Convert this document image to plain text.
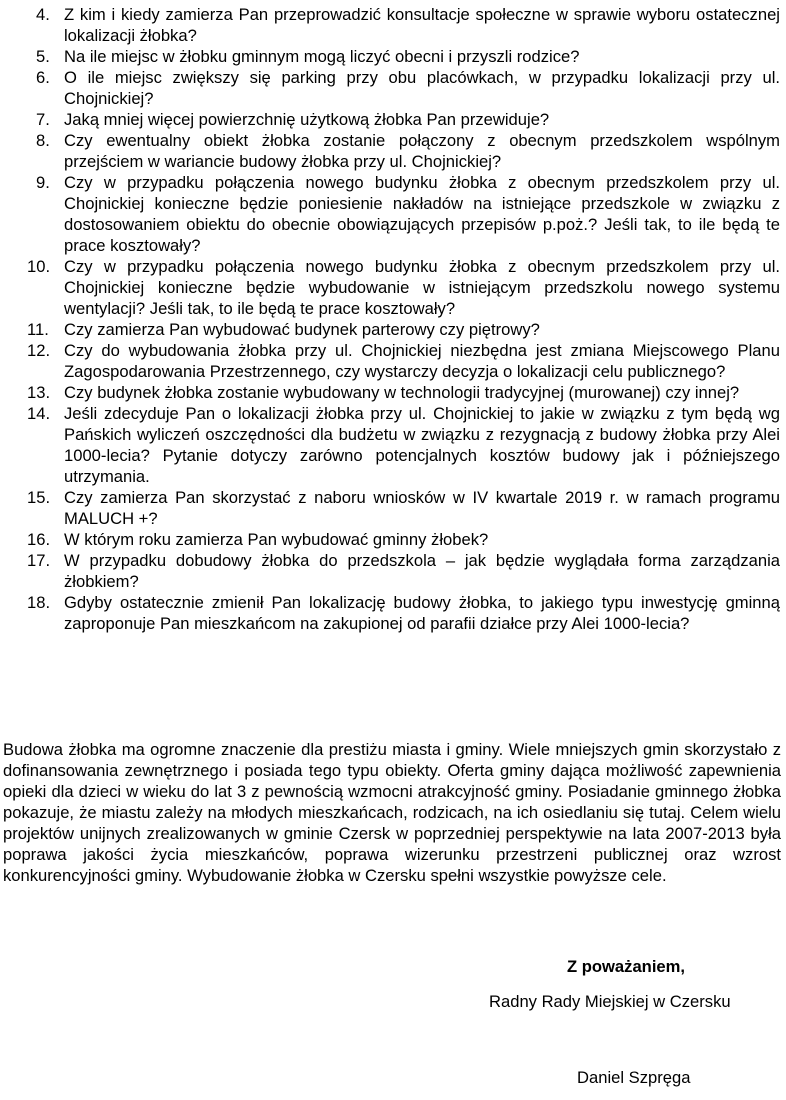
4. Z kim i kiedy zamierza Pan przeprowadzić konsultacje społeczne w sprawie wyboru ostatecznej lokalizacji żłobka?
5. Na ile miejsc w żłobku gminnym mogą liczyć obecni i przyszli rodzice?
6. O ile miejsc zwiększy się parking przy obu placówkach, w przypadku lokalizacji przy ul. Chojnickiej?
7. Jaką mniej więcej powierzchnię użytkową żłobka Pan przewiduje?
8. Czy ewentualny obiekt żłobka zostanie połączony z obecnym przedszkolem wspólnym przejściem w wariancie budowy żłobka przy ul. Chojnickiej?
9. Czy w przypadku połączenia nowego budynku żłobka z obecnym przedszkolem przy ul. Chojnickiej konieczne będzie poniesienie nakładów na istniejące przedszkole w związku z dostosowaniem obiektu do obecnie obowiązujących przepisów p.poż.? Jeśli tak, to ile będą te prace kosztowały?
10. Czy w przypadku połączenia nowego budynku żłobka z obecnym przedszkolem przy ul. Chojnickiej konieczne będzie wybudowanie w istniejącym przedszkolu nowego systemu wentylacji? Jeśli tak, to ile będą te prace kosztowały?
11. Czy zamierza Pan wybudować budynek parterowy czy piętrowy?
12. Czy do wybudowania żłobka przy ul. Chojnickiej niezbędna jest zmiana Miejscowego Planu Zagospodarowania Przestrzennego, czy wystarczy decyzja o lokalizacji celu publicznego?
13. Czy budynek żłobka zostanie wybudowany w technologii tradycyjnej (murowanej) czy innej?
14. Jeśli zdecyduje Pan o lokalizacji żłobka przy ul. Chojnickiej to jakie w związku z tym będą wg Pańskich wyliczeń oszczędności dla budżetu w związku z rezygnacją z budowy żłobka przy Alei 1000-lecia? Pytanie dotyczy zarówno potencjalnych kosztów budowy jak i późniejszego utrzymania.
15. Czy zamierza Pan skorzystać z naboru wniosków w IV kwartale 2019 r. w ramach programu MALUCH +?
16. W którym roku zamierza Pan wybudować gminny żłobek?
17. W przypadku dobudowy żłobka do przedszkola – jak będzie wyglądała forma zarządzania żłobkiem?
18. Gdyby ostatecznie zmienił Pan lokalizację budowy żłobka, to jakiego typu inwestycję gminną zaproponuje Pan mieszkańcom na zakupionej od parafii działce przy Alei 1000-lecia?

Budowa żłobka ma ogromne znaczenie dla prestiżu miasta i gminy. Wiele mniejszych gmin skorzystało z dofinansowania zewnętrznego i posiada tego typu obiekty. Oferta gminy dająca możliwość zapewnienia opieki dla dzieci w wieku do lat 3 z pewnością wzmocni atrakcyjność gminy. Posiadanie gminnego żłobka pokazuje, że miastu zależy na młodych mieszkańcach, rodzicach, na ich osiedlaniu się tutaj. Celem wielu projektów unijnych zrealizowanych w gminie Czersk w poprzedniej perspektywie na lata 2007-2013 była poprawa jakości życia mieszkańców, poprawa wizerunku przestrzeni publicznej oraz wzrost konkurencyjności gminy. Wybudowanie żłobka w Czersku spełni wszystkie powyższe cele.

Z poważaniem,

Radny Rady Miejskiej w Czersku

Daniel Szpręga
